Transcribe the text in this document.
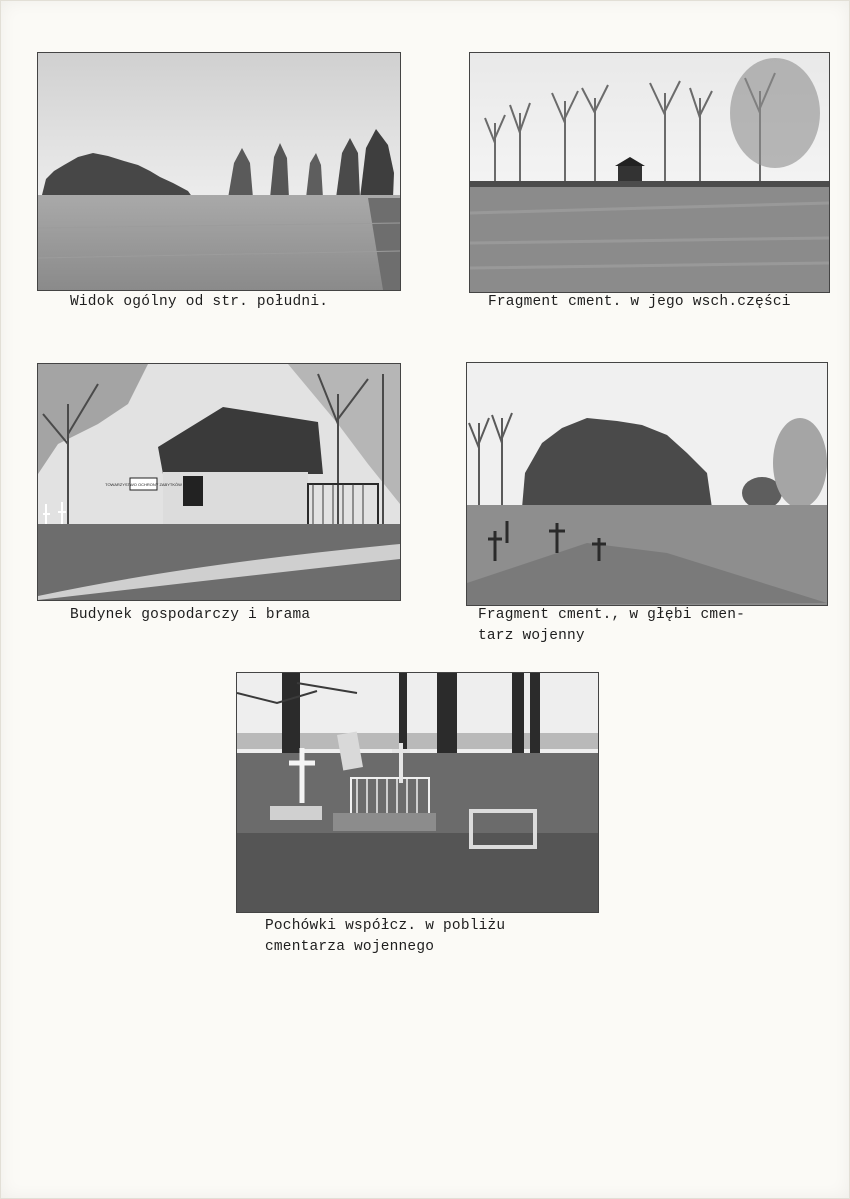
Widok ogólny od str. południ.	Fragment cment. w jego wsch.części

TOWARZYSTWO OCHRONY ZABYTKÓW

Budynek gospodarczy i brama	Fragment cment., w głębi cmen-
tarz wojenny

Pochówki współcz. w pobliżu
cmentarza wojennego
